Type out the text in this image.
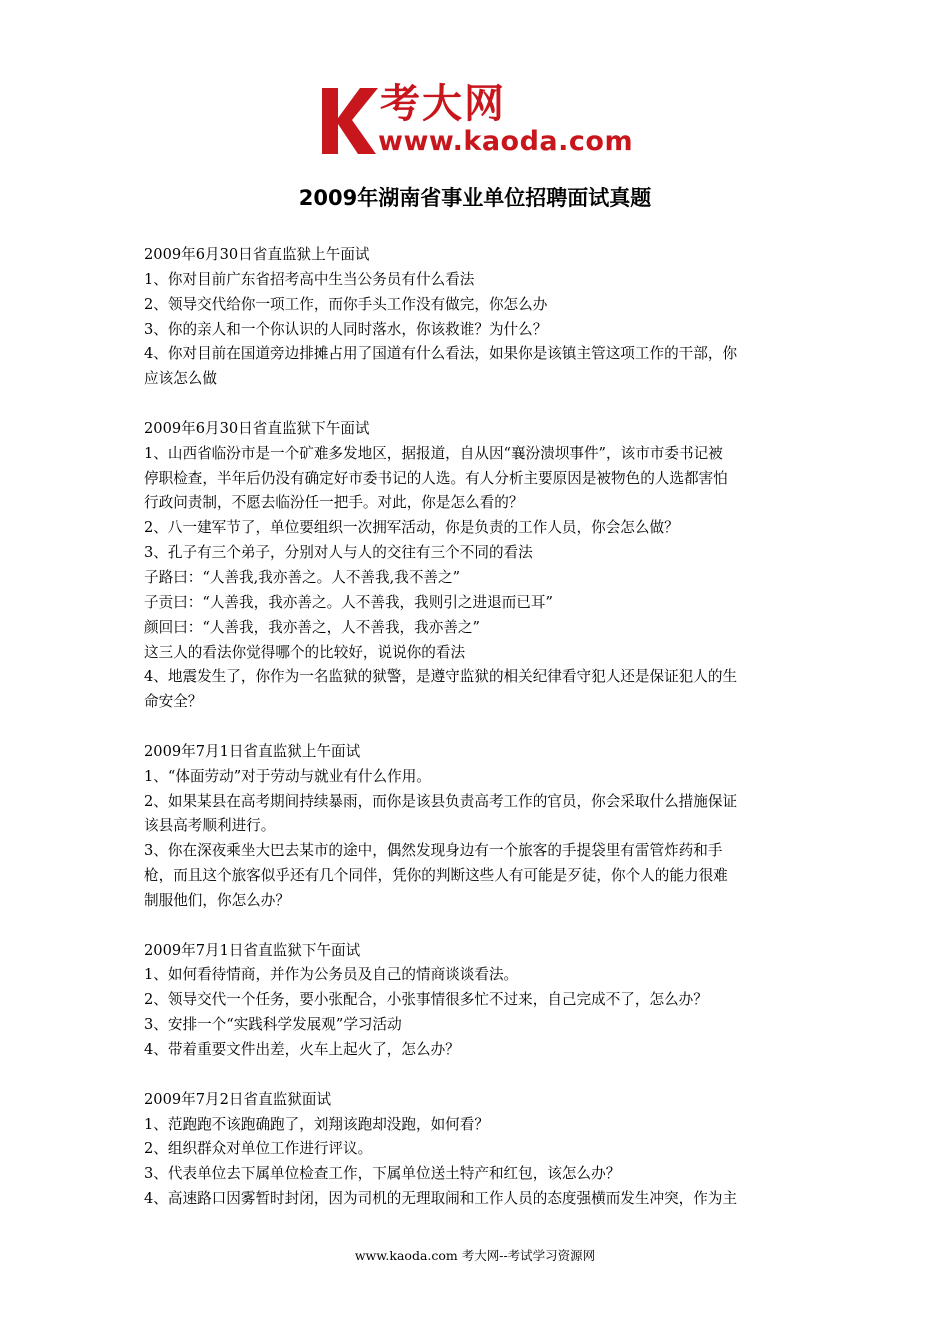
考大网
www.kaoda.com
2009年湖南省事业单位招聘面试真题
2009年6月30日省直监狱上午面试
1、你对目前广东省招考高中生当公务员有什么看法
2、领导交代给你一项工作，而你手头工作没有做完，你怎么办
3、你的亲人和一个你认识的人同时落水，你该救谁？为什么？
4、你对目前在国道旁边排摊占用了国道有什么看法，如果你是该镇主管这项工作的干部，你
应该怎么做
2009年6月30日省直监狱下午面试
1、山西省临汾市是一个矿难多发地区，据报道，自从因“襄汾溃坝事件”，该市市委书记被
停职检查，半年后仍没有确定好市委书记的人选。有人分析主要原因是被物色的人选都害怕
行政问责制，不愿去临汾任一把手。对此，你是怎么看的？
2、八一建军节了，单位要组织一次拥军活动，你是负责的工作人员，你会怎么做？
3、孔子有三个弟子，分别对人与人的交往有三个不同的看法
子路曰：“人善我,我亦善之。人不善我,我不善之”
子贡曰：“人善我，我亦善之。人不善我，我则引之进退而已耳”
颜回曰：“人善我，我亦善之，人不善我，我亦善之”
这三人的看法你觉得哪个的比较好，说说你的看法
4、地震发生了，你作为一名监狱的狱警，是遵守监狱的相关纪律看守犯人还是保证犯人的生
命安全？
2009年7月1日省直监狱上午面试
1、“体面劳动”对于劳动与就业有什么作用。
2、如果某县在高考期间持续暴雨，而你是该县负责高考工作的官员，你会采取什么措施保证
该县高考顺利进行。
3、你在深夜乘坐大巴去某市的途中，偶然发现身边有一个旅客的手提袋里有雷管炸药和手
枪，而且这个旅客似乎还有几个同伴，凭你的判断这些人有可能是歹徒，你个人的能力很难
制服他们，你怎么办？
2009年7月1日省直监狱下午面试
1、如何看待情商，并作为公务员及自己的情商谈谈看法。
2、领导交代一个任务，要小张配合，小张事情很多忙不过来，自己完成不了，怎么办？
3、安排一个“实践科学发展观”学习活动
4、带着重要文件出差，火车上起火了，怎么办？
2009年7月2日省直监狱面试
1、范跑跑不该跑确跑了，刘翔该跑却没跑，如何看？
2、组织群众对单位工作进行评议。
3、代表单位去下属单位检查工作，下属单位送土特产和红包，该怎么办？
4、高速路口因雾暂时封闭，因为司机的无理取闹和工作人员的态度强横而发生冲突，作为主
www.kaoda.com 考大网--考试学习资源网
